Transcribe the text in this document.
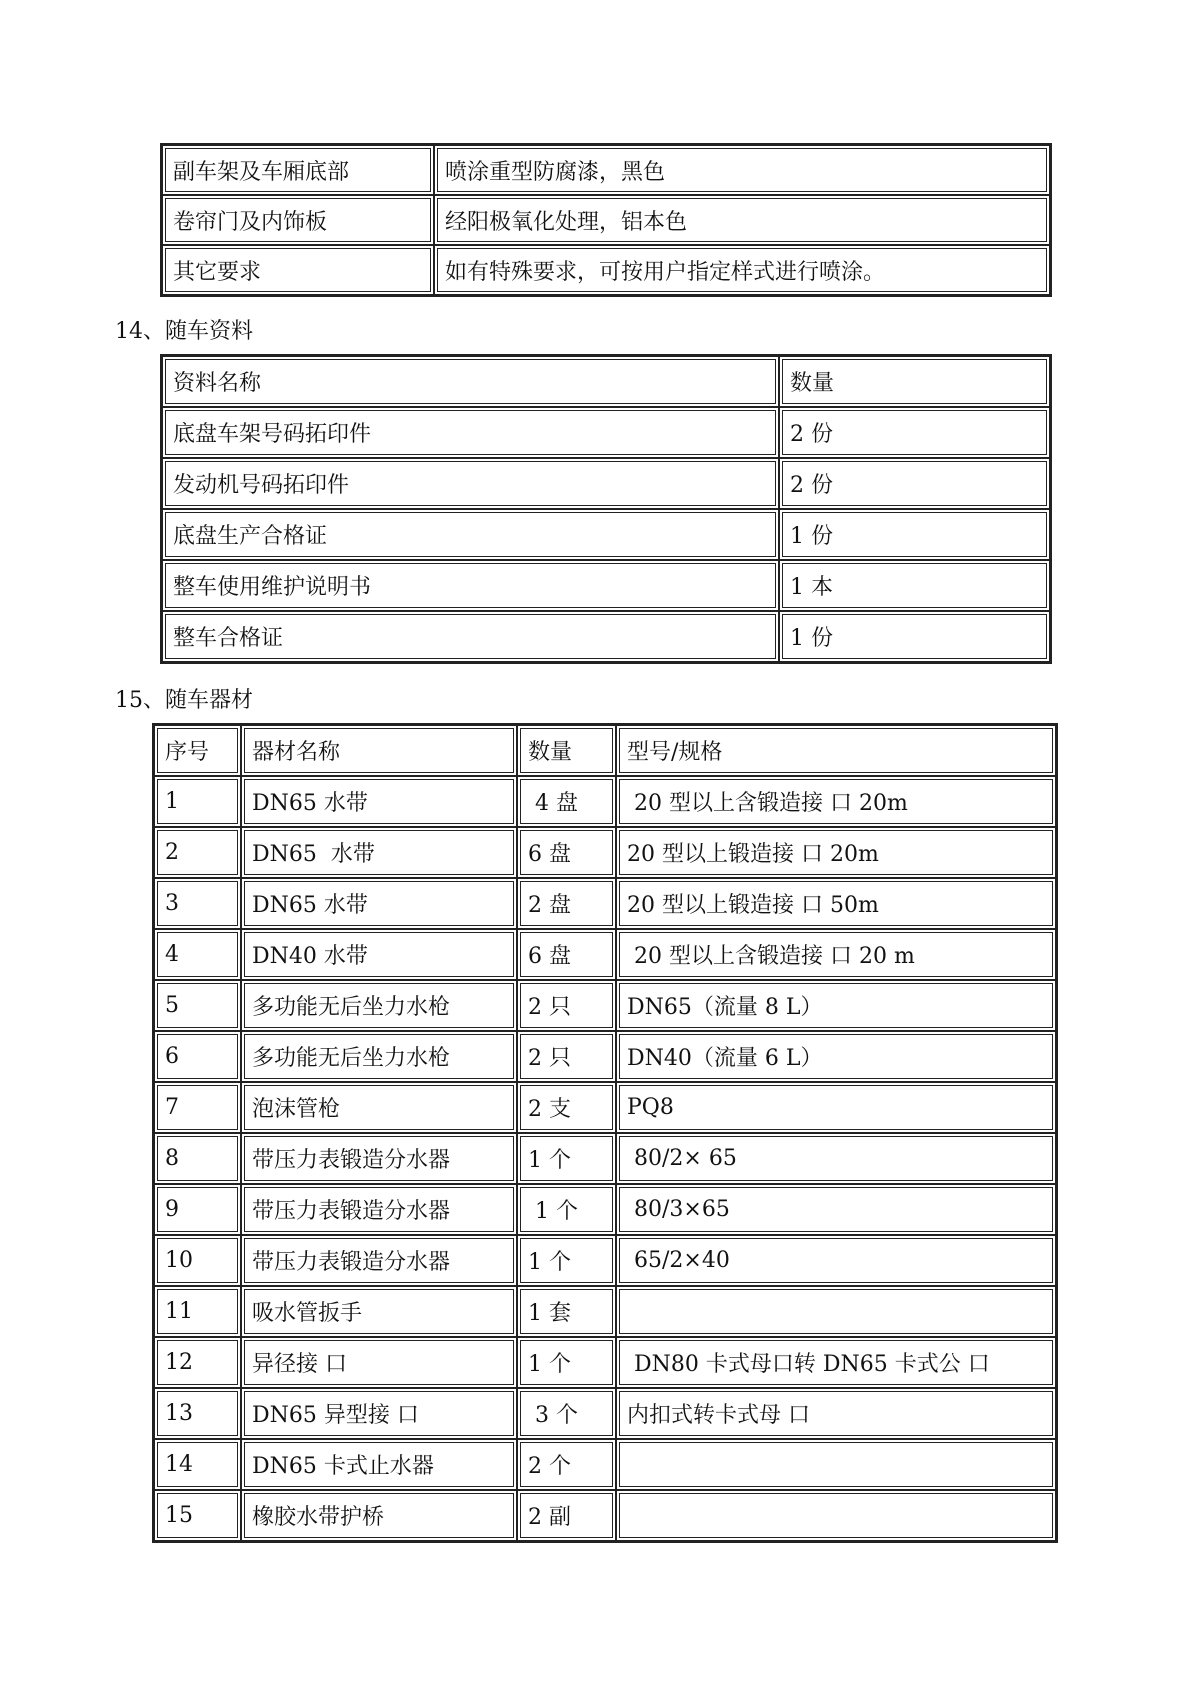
副车架及车厢底部	喷涂重型防腐漆，黑色
卷帘门及内饰板	经阳极氧化处理，铝本色
其它要求	如有特殊要求，可按用户指定样式进行喷涂。
14、随车资料
资料名称	数量
底盘车架号码拓印件	2 份
发动机号码拓印件	2 份
底盘生产合格证	1 份
整车使用维护说明书	1 本
整车合格证	1 份
15、随车器材
序号	器材名称	数量	型号/规格
1	DN65 水带	4 盘	20 型以上含锻造接 口 20m
2	DN65  水带	6 盘	20 型以上锻造接 口 20m
3	DN65 水带	2 盘	20 型以上锻造接 口 50m
4	DN40 水带	6 盘	20 型以上含锻造接 口 20 m
5	多功能无后坐力水枪	2 只	DN65（流量 8 L）
6	多功能无后坐力水枪	2 只	DN40（流量 6 L）
7	泡沫管枪	2 支	PQ8
8	带压力表锻造分水器	1 个	80/2× 65
9	带压力表锻造分水器	1 个	80/3×65
10	带压力表锻造分水器	1 个	65/2×40
11	吸水管扳手	1 套	
12	异径接 口	1 个	DN80 卡式母口转 DN65 卡式公 口
13	DN65 异型接 口	3 个	内扣式转卡式母 口
14	DN65 卡式止水器	2 个	
15	橡胶水带护桥	2 副	
